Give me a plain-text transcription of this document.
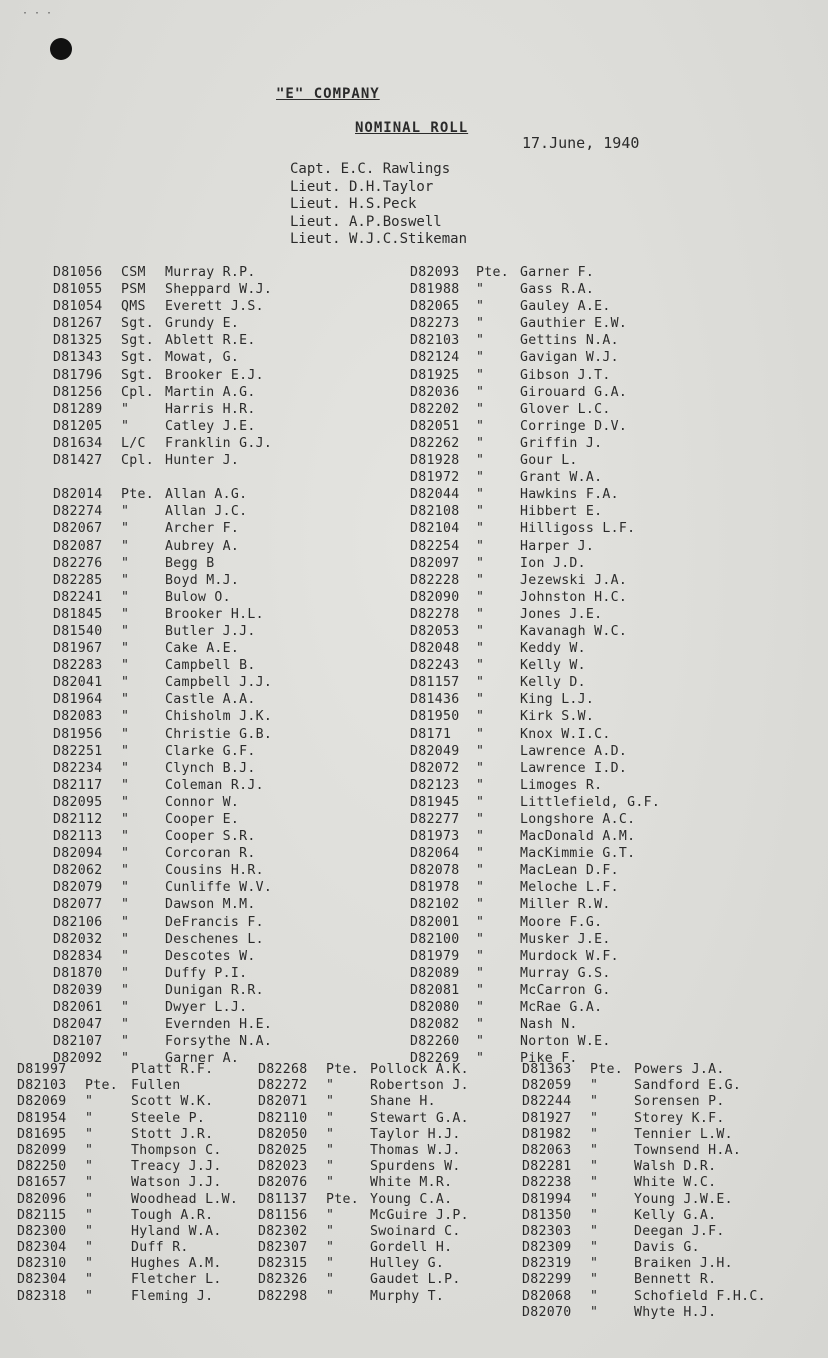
···
"E" COMPANY
NOMINAL ROLL
17.June, 1940
Capt. E.C. Rawlings
Lieut. D.H.Taylor
Lieut. H.S.Peck
Lieut. A.P.Boswell
Lieut. W.J.C.Stikeman
D81056 CSM Murray R.P.
D81055 PSM Sheppard W.J.
D81054 QMS Everett J.S.
D81267 Sgt. Grundy E.
D81325 Sgt. Ablett R.E.
D81343 Sgt. Mowat, G.
D81796 Sgt. Brooker E.J.
D81256 Cpl. Martin A.G.
D81289 "	Harris H.R.
D81205 "	Catley J.E.
D81634 L/C Franklin G.J.
D81427 Cpl. Hunter J.
D82014 Pte. Allan A.G.
D82274 "	Allan J.C.
D82067 "	Archer F.
D82087 "	Aubrey A.
D82276 "	Begg B
D82285 "	Boyd M.J.
D82241 "	Bulow O.
D81845 "	Brooker H.L.
D81540 "	Butler J.J.
D81967 "	Cake A.E.
D82283 "	Campbell B.
D82041 "	Campbell J.J.
D81964 "	Castle A.A.
D82083 "	Chisholm J.K.
D81956 "	Christie G.B.
D82251 "	Clarke G.F.
D82234 "	Clynch B.J.
D82117 "	Coleman R.J.
D82095 "	Connor W.
D82112 "	Cooper E.
D82113 "	Cooper S.R.
D82094 "	Corcoran R.
D82062 "	Cousins H.R.
D82079 "	Cunliffe W.V.
D82077 "	Dawson M.M.
D82106 "	DeFrancis F.
D82032 "	Deschenes L.
D82834 "	Descotes W.
D81870 "	Duffy P.I.
D82039 "	Dunigan R.R.
D82061 "	Dwyer L.J.
D82047 "	Evernden H.E.
D82107 "	Forsythe N.A.
D82092 "	Garner A.
D82093 Pte. Garner F.
D81988 "	Gass R.A.
D82065 "	Gauley A.E.
D82273 "	Gauthier E.W.
D82103 "	Gettins N.A.
D82124 "	Gavigan W.J.
D81925 "	Gibson J.T.
D82036 "	Girouard G.A.
D82202 "	Glover L.C.
D82051 "	Corringe D.V.
D82262 "	Griffin J.
D81928 "	Gour L.
D81972 "	Grant W.A.
D82044 "	Hawkins F.A.
D82108 "	Hibbert E.
D82104 "	Hilligoss L.F.
D82254 "	Harper J.
D82097 "	Ion J.D.
D82228 "	Jezewski J.A.
D82090 "	Johnston H.C.
D82278 "	Jones J.E.
D82053 "	Kavanagh W.C.
D82048 "	Keddy W.
D82243 "	Kelly W.
D81157 "	Kelly D.
D81436 "	King L.J.
D81950 "	Kirk S.W.
D8171 "	Knox W.I.C.
D82049 "	Lawrence A.D.
D82072 "	Lawrence I.D.
D82123 "	Limoges R.
D81945 "	Littlefield, G.F.
D82277 "	Longshore A.C.
D81973 "	MacDonald A.M.
D82064 "	MacKimmie G.T.
D82078 "	MacLean D.F.
D81978 "	Meloche L.F.
D82102 "	Miller R.W.
D82001 "	Moore F.G.
D82100 "	Musker J.E.
D81979 "	Murdock W.F.
D82089 "	Murray G.S.
D82081 "	McCarron G.
D82080 "	McRae G.A.
D82082 "	Nash N.
D82260 "	Norton W.E.
D82269 "	Pike F.
D81997	Platt R.F.
D82103 Pte. Fullen
D82069 "	Scott W.K.
D81954 "	Steele P.
D81695 "	Stott J.R.
D82099 "	Thompson C.
D82250 "	Treacy J.J.
D81657 "	Watson J.J.
D82096 "	Woodhead L.W.
D82115 "	Tough A.R.
D82300 "	Hyland W.A.
D82304 "	Duff R.
D82310 "	Hughes A.M.
D82304 "	Fletcher L.
D82318 "	Fleming J.
D82268 Pte. Pollock A.K.
D82272 "	Robertson J.
D82071 "	Shane H.
D82110 "	Stewart G.A.
D82050 "	Taylor H.J.
D82025 "	Thomas W.J.
D82023 "	Spurdens W.
D82076 "	White M.R.
D81137 Pte. Young C.A.
D81156 "	McGuire J.P.
D82302 "	Swoinard C.
D82307 "	Gordell H.
D82315 "	Hulley G.
D82326 "	Gaudet L.P.
D82298 "	Murphy T.
D81363 Pte. Powers J.A.
D82059 "	Sandford E.G.
D82244 "	Sorensen P.
D81927 "	Storey K.F.
D81982 "	Tennier L.W.
D82063 "	Townsend H.A.
D82281 "	Walsh D.R.
D82238 "	White W.C.
D81994 "	Young J.W.E.
D81350 "	Kelly G.A.
D82303 "	Deegan J.F.
D82309 "	Davis G.
D82319 "	Braiken J.H.
D82299 "	Bennett R.
D82068 "	Schofield F.H.C.
D82070 "	Whyte H.J.
